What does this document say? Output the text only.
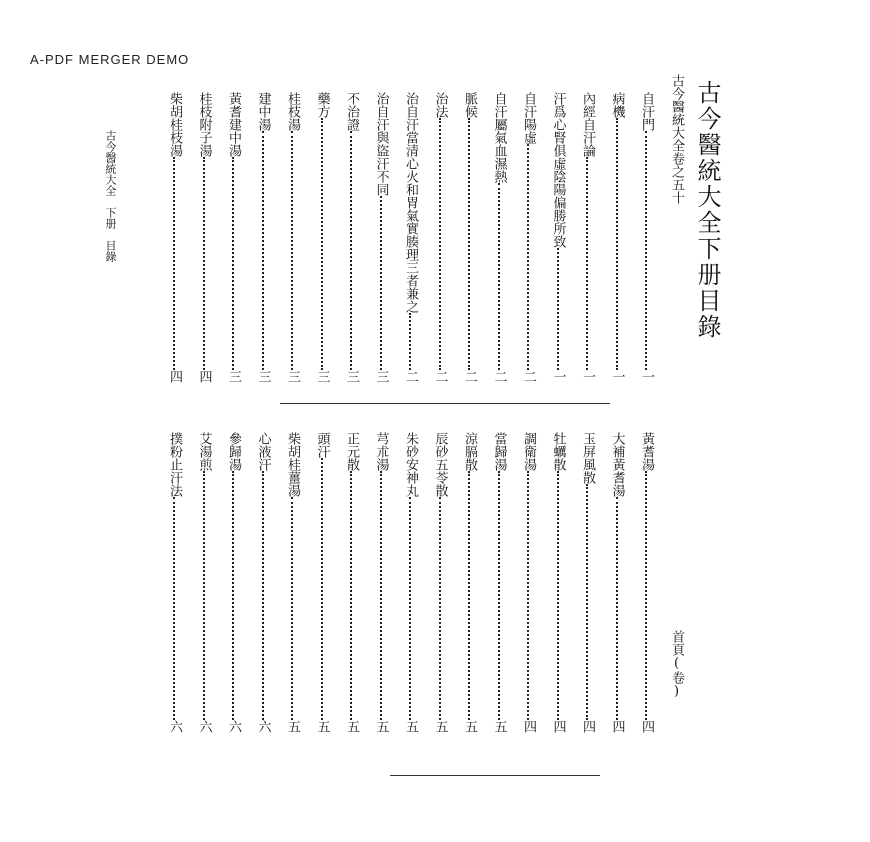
A-PDF MERGER DEMO
古今醫統大全下册目錄
古今醫統大全卷之五十
首頁(卷)
自汗門一
病機一
內經自汗論一
汗爲心腎俱虛陰陽偏勝所致一
自汗陽虛二
自汗屬氣血濕熱二
脈候二
治法二
治自汗當清心火和胃氣實腠理三者兼之二
治自汗與盜汗不同三
不治證三
藥方三
桂枝湯三
建中湯三
黃耆建中湯三
桂枝附子湯四
柴胡桂枝湯四
黃耆湯四
大補黃耆湯四
玉屏風散四
牡蠣散四
調衛湯四
當歸湯五
涼膈散五
辰砂五苓散五
朱砂安神丸五
芎朮湯五
正元散五
頭汗五
柴胡桂薑湯五
心液汗六
參歸湯六
艾湯煎六
撲粉止汗法六
古今醫統大全　下册　目錄
